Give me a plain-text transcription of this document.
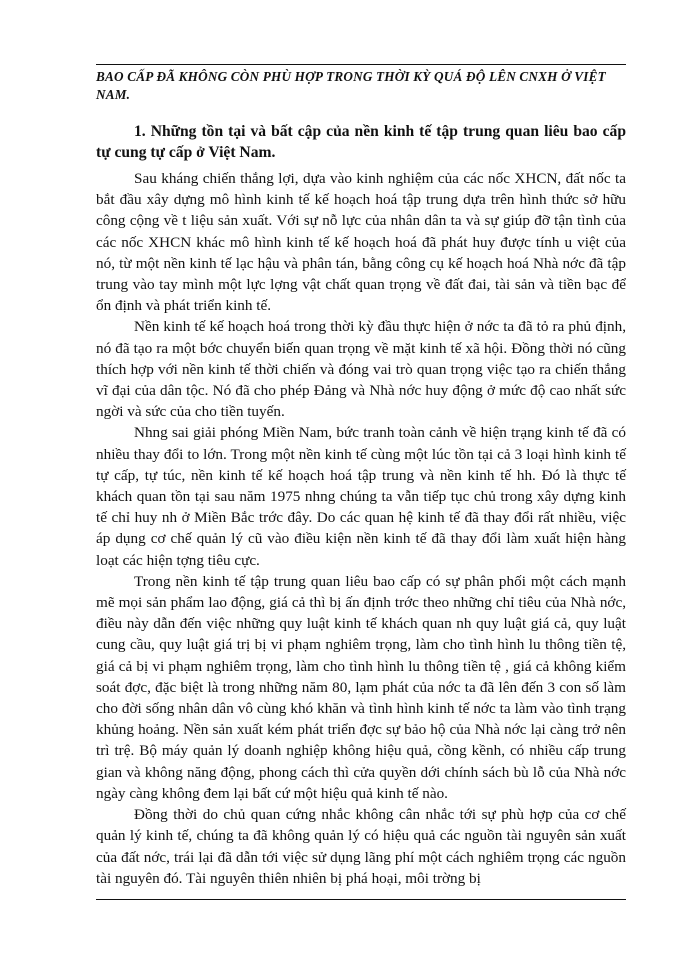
BAO CẤP ĐÃ KHÔNG CÒN PHÙ HỢP TRONG THỜI KỲ QUÁ ĐỘ LÊN CNXH Ở VIỆT NAM.
1. Những tồn tại và bất cập của nền kinh tế tập trung quan liêu bao cấp tự cung tự cấp ở Việt Nam.

Sau kháng chiến thắng lợi, dựa vào kinh nghiệm của các nốc XHCN, đất nốc ta bắt đầu xây dựng mô hình kinh tế kế hoạch hoá tập trung dựa trên hình thức sở hữu công cộng về t liệu sản xuất. Với sự nỗ lực của nhân dân ta và sự giúp đỡ tận tình của các nốc XHCN khác mô hình kinh tế kế hoạch hoá đã phát huy được tính u việt của nó, từ một nền kinh tế lạc hậu và phân tán, bằng công cụ kế hoạch hoá Nhà nớc đã tập trung vào tay mình một lực lợng vật chất quan trọng về đất đai, tài sản và tiền bạc để ổn định và phát triển kinh tế.

Nền kinh tế kế hoạch hoá trong thời kỳ đầu thực hiện ở nớc ta đã tỏ ra phủ định, nó đã tạo ra một bớc chuyển biến quan trọng về mặt kinh tế xã hội. Đồng thời nó cũng thích hợp với nền kinh tế thời chiến và đóng vai trò quan trọng việc tạo ra chiến thắng vĩ đại của dân tộc. Nó đã cho phép Đảng và Nhà nớc huy động ở mức độ cao nhất sức ngời và sức của cho tiền tuyến.

Nhng sai giải phóng Miền Nam, bức tranh toàn cảnh về hiện trạng kinh tế đã có nhiều thay đổi to lớn. Trong một nền kinh tế cùng một lúc tồn tại cả 3 loại hình kinh tế tự cấp, tự túc, nền kinh tế kế hoạch hoá tập trung và nền kinh tế hh. Đó là thực tế khách quan tồn tại sau năm 1975 nhng chúng ta vẫn tiếp tục chủ trong xây dựng kinh tế chỉ huy nh ở Miền Bắc trớc đây. Do các quan hệ kinh tế đã thay đổi rất nhiều, việc áp dụng cơ chế quản lý cũ vào điều kiện nền kinh tế đã thay đổi làm xuất hiện hàng loạt các hiện tợng tiêu cực.

Trong nền kinh tế tập trung quan liêu bao cấp có sự phân phối một cách mạnh mẽ mọi sản phẩm lao động, giá cả thì bị ấn định trớc theo những chỉ tiêu của Nhà nớc, điều này dẫn đến việc những quy luật kinh tế khách quan nh quy luật giá cả, quy luật cung cầu, quy luật giá trị bị vi phạm nghiêm trọng, làm cho tình hình lu thông tiền tệ, giá cả bị vi phạm nghiêm trọng, làm cho tình hình lu thông tiền tệ , giá cả không kiểm soát đợc, đặc biệt là trong những năm 80, lạm phát của nớc ta đã lên đến 3 con số làm cho đời sống nhân dân vô cùng khó khăn và tình hình kinh tế nớc ta làm vào tình trạng khủng hoảng. Nền sản xuất kém phát triển đợc sự bảo hộ của Nhà nớc lại càng trở nên trì trệ. Bộ máy quản lý doanh nghiệp không hiệu quả, cồng kềnh, có nhiều cấp trung gian và không năng động, phong cách thì cửa quyền dới chính sách bù lỗ của Nhà nớc ngày càng không đem lại bất cứ một hiệu quả kinh tế nào.

Đồng thời do chủ quan cứng nhắc không cân nhắc tới sự phù hợp của cơ chế quản lý kinh tế, chúng ta đã không quản lý có hiệu quả các nguồn tài nguyên sản xuất của đất nớc, trái lại đã dẫn tới việc sử dụng lãng phí một cách nghiêm trọng các nguồn tài nguyên đó. Tài nguyên thiên nhiên bị phá hoại, môi trờng bị
